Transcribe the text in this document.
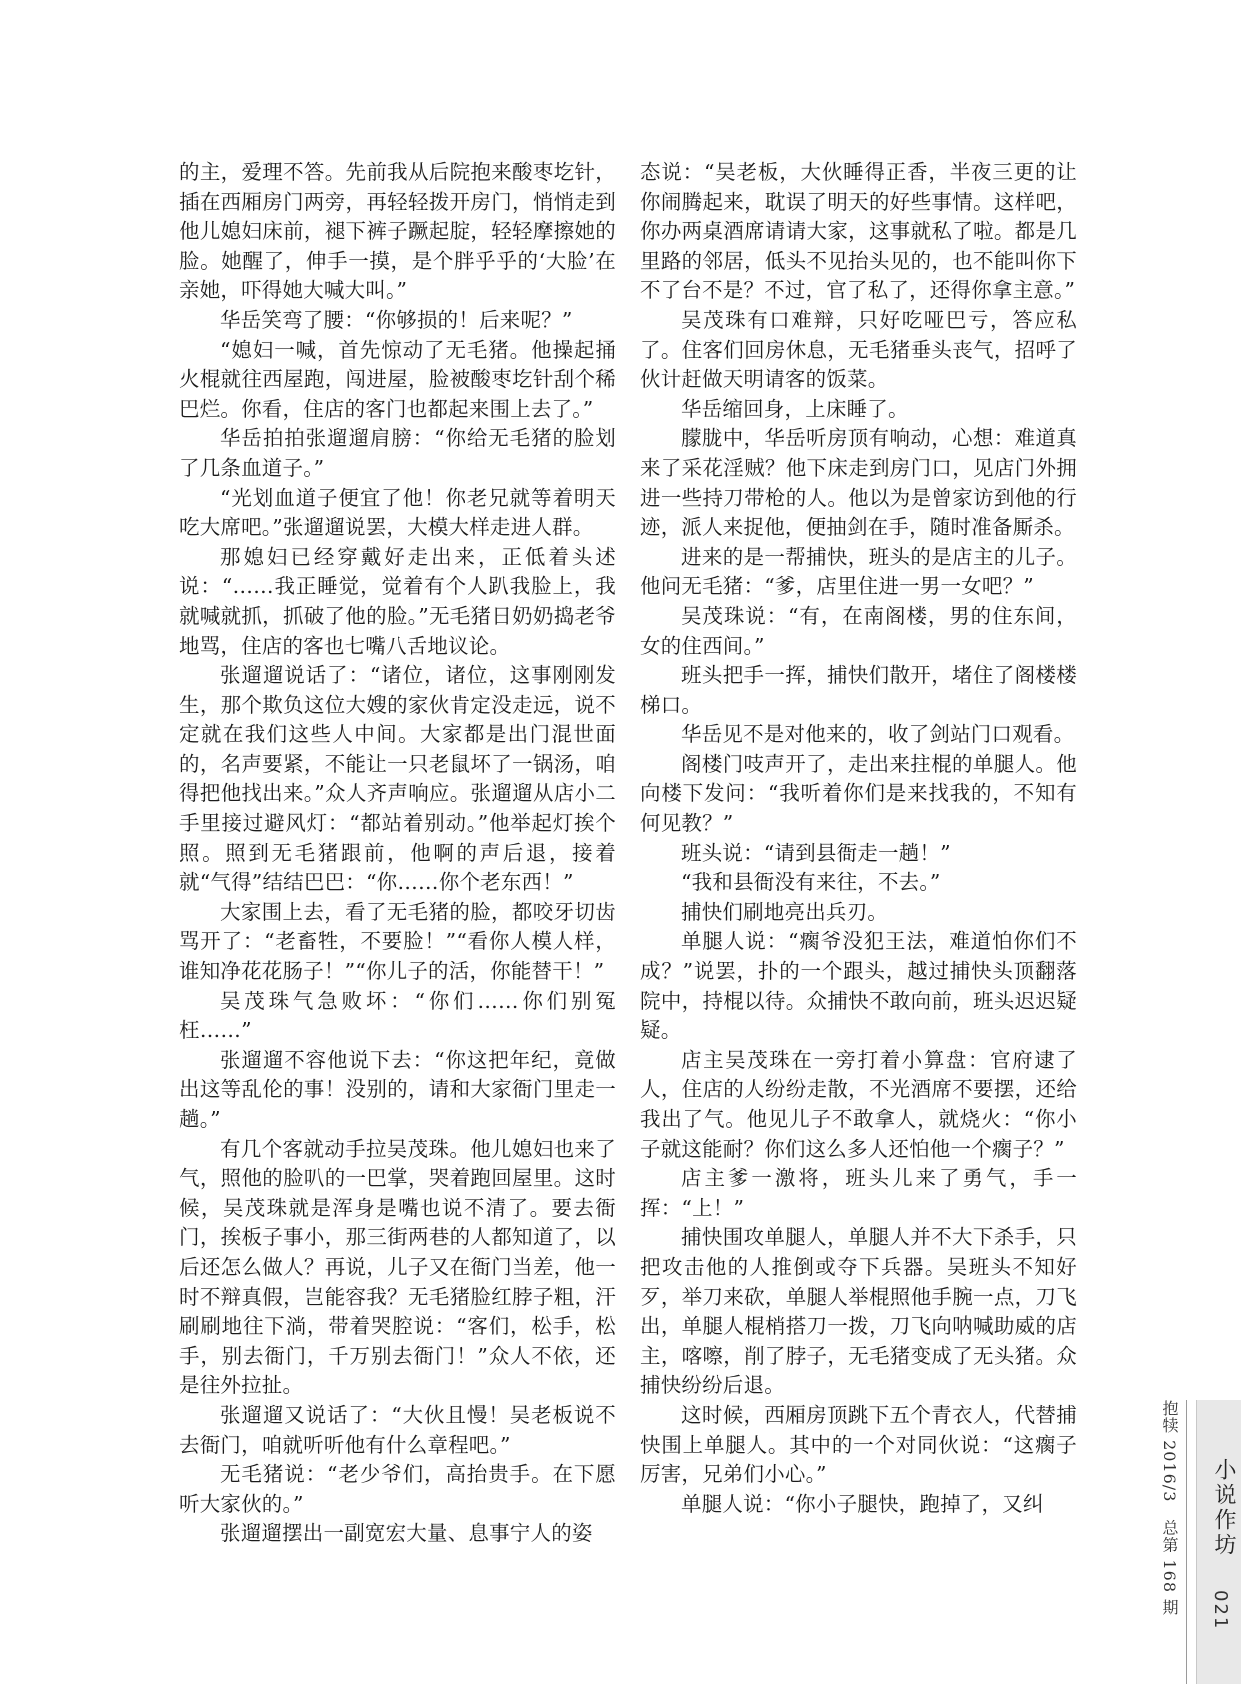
的主，爱理不答。先前我从后院抱来酸枣圪针，插在西厢房门两旁，再轻轻拨开房门，悄悄走到他儿媳妇床前，褪下裤子蹶起腚，轻轻摩擦她的脸。她醒了，伸手一摸，是个胖乎乎的‘大脸’在亲她，吓得她大喊大叫。”

华岳笑弯了腰：“你够损的！后来呢？”

“媳妇一喊，首先惊动了无毛猪。他操起捅火棍就往西屋跑，闯进屋，脸被酸枣圪针刮个稀巴烂。你看，住店的客门也都起来围上去了。”

华岳拍拍张遛遛肩膀：“你给无毛猪的脸划了几条血道子。”

“光划血道子便宜了他！你老兄就等着明天吃大席吧。”张遛遛说罢，大模大样走进人群。

那媳妇已经穿戴好走出来，正低着头述说：“……我正睡觉，觉着有个人趴我脸上，我就喊就抓，抓破了他的脸。”无毛猪日奶奶捣老爷地骂，住店的客也七嘴八舌地议论。

张遛遛说话了：“诸位，诸位，这事刚刚发生，那个欺负这位大嫂的家伙肯定没走远，说不定就在我们这些人中间。大家都是出门混世面的，名声要紧，不能让一只老鼠坏了一锅汤，咱得把他找出来。”众人齐声响应。张遛遛从店小二手里接过避风灯：“都站着别动。”他举起灯挨个照。照到无毛猪跟前，他啊的声后退，接着就“气得”结结巴巴：“你……你个老东西！”

大家围上去，看了无毛猪的脸，都咬牙切齿骂开了：“老畜牲，不要脸！”“看你人模人样，谁知净花花肠子！”“你儿子的活，你能替干！”

吴茂珠气急败坏：“你们……你们别冤枉……”

张遛遛不容他说下去：“你这把年纪，竟做出这等乱伦的事！没别的，请和大家衙门里走一趟。”

有几个客就动手拉吴茂珠。他儿媳妇也来了气，照他的脸叭的一巴掌，哭着跑回屋里。这时候，吴茂珠就是浑身是嘴也说不清了。要去衙门，挨板子事小，那三街两巷的人都知道了，以后还怎么做人？再说，儿子又在衙门当差，他一时不辩真假，岂能容我？无毛猪脸红脖子粗，汗刷刷地往下淌，带着哭腔说：“客们，松手，松手，别去衙门，千万别去衙门！”众人不依，还是往外拉扯。

张遛遛又说话了：“大伙且慢！吴老板说不去衙门，咱就听听他有什么章程吧。”

无毛猪说：“老少爷们，高抬贵手。在下愿听大家伙的。”

张遛遛摆出一副宽宏大量、息事宁人的姿

态说：“吴老板，大伙睡得正香，半夜三更的让你闹腾起来，耽误了明天的好些事情。这样吧，你办两桌酒席请请大家，这事就私了啦。都是几里路的邻居，低头不见抬头见的，也不能叫你下不了台不是？不过，官了私了，还得你拿主意。”

吴茂珠有口难辩，只好吃哑巴亏，答应私了。住客们回房休息，无毛猪垂头丧气，招呼了伙计赶做天明请客的饭菜。

华岳缩回身，上床睡了。

朦胧中，华岳听房顶有响动，心想：难道真来了采花淫贼？他下床走到房门口，见店门外拥进一些持刀带枪的人。他以为是曾家访到他的行迹，派人来捉他，便抽剑在手，随时准备厮杀。

进来的是一帮捕快，班头的是店主的儿子。他问无毛猪：“爹，店里住进一男一女吧？”

吴茂珠说：“有，在南阁楼，男的住东间，女的住西间。”

班头把手一挥，捕快们散开，堵住了阁楼楼梯口。

华岳见不是对他来的，收了剑站门口观看。

阁楼门吱声开了，走出来拄棍的单腿人。他向楼下发问：“我听着你们是来找我的，不知有何见教？”

班头说：“请到县衙走一趟！”

“我和县衙没有来往，不去。”

捕快们刷地亮出兵刃。

单腿人说：“瘸爷没犯王法，难道怕你们不成？”说罢，扑的一个跟头，越过捕快头顶翻落院中，持棍以待。众捕快不敢向前，班头迟迟疑疑。

店主吴茂珠在一旁打着小算盘：官府逮了人，住店的人纷纷走散，不光酒席不要摆，还给我出了气。他见儿子不敢拿人，就烧火：“你小子就这能耐？你们这么多人还怕他一个瘸子？”

店主爹一激将，班头儿来了勇气，手一挥：“上！”

捕快围攻单腿人，单腿人并不大下杀手，只把攻击他的人推倒或夺下兵器。吴班头不知好歹，举刀来砍，单腿人举棍照他手腕一点，刀飞出，单腿人棍梢搭刀一拨，刀飞向呐喊助威的店主，喀嚓，削了脖子，无毛猪变成了无头猪。众捕快纷纷后退。

这时候，西厢房顶跳下五个青衣人，代替捕快围上单腿人。其中的一个对同伙说：“这瘸子厉害，兄弟们小心。”

单腿人说：“你小子腿快，跑掉了，又纠	小说作坊
021
抱犊 2016/3　总第 168 期
